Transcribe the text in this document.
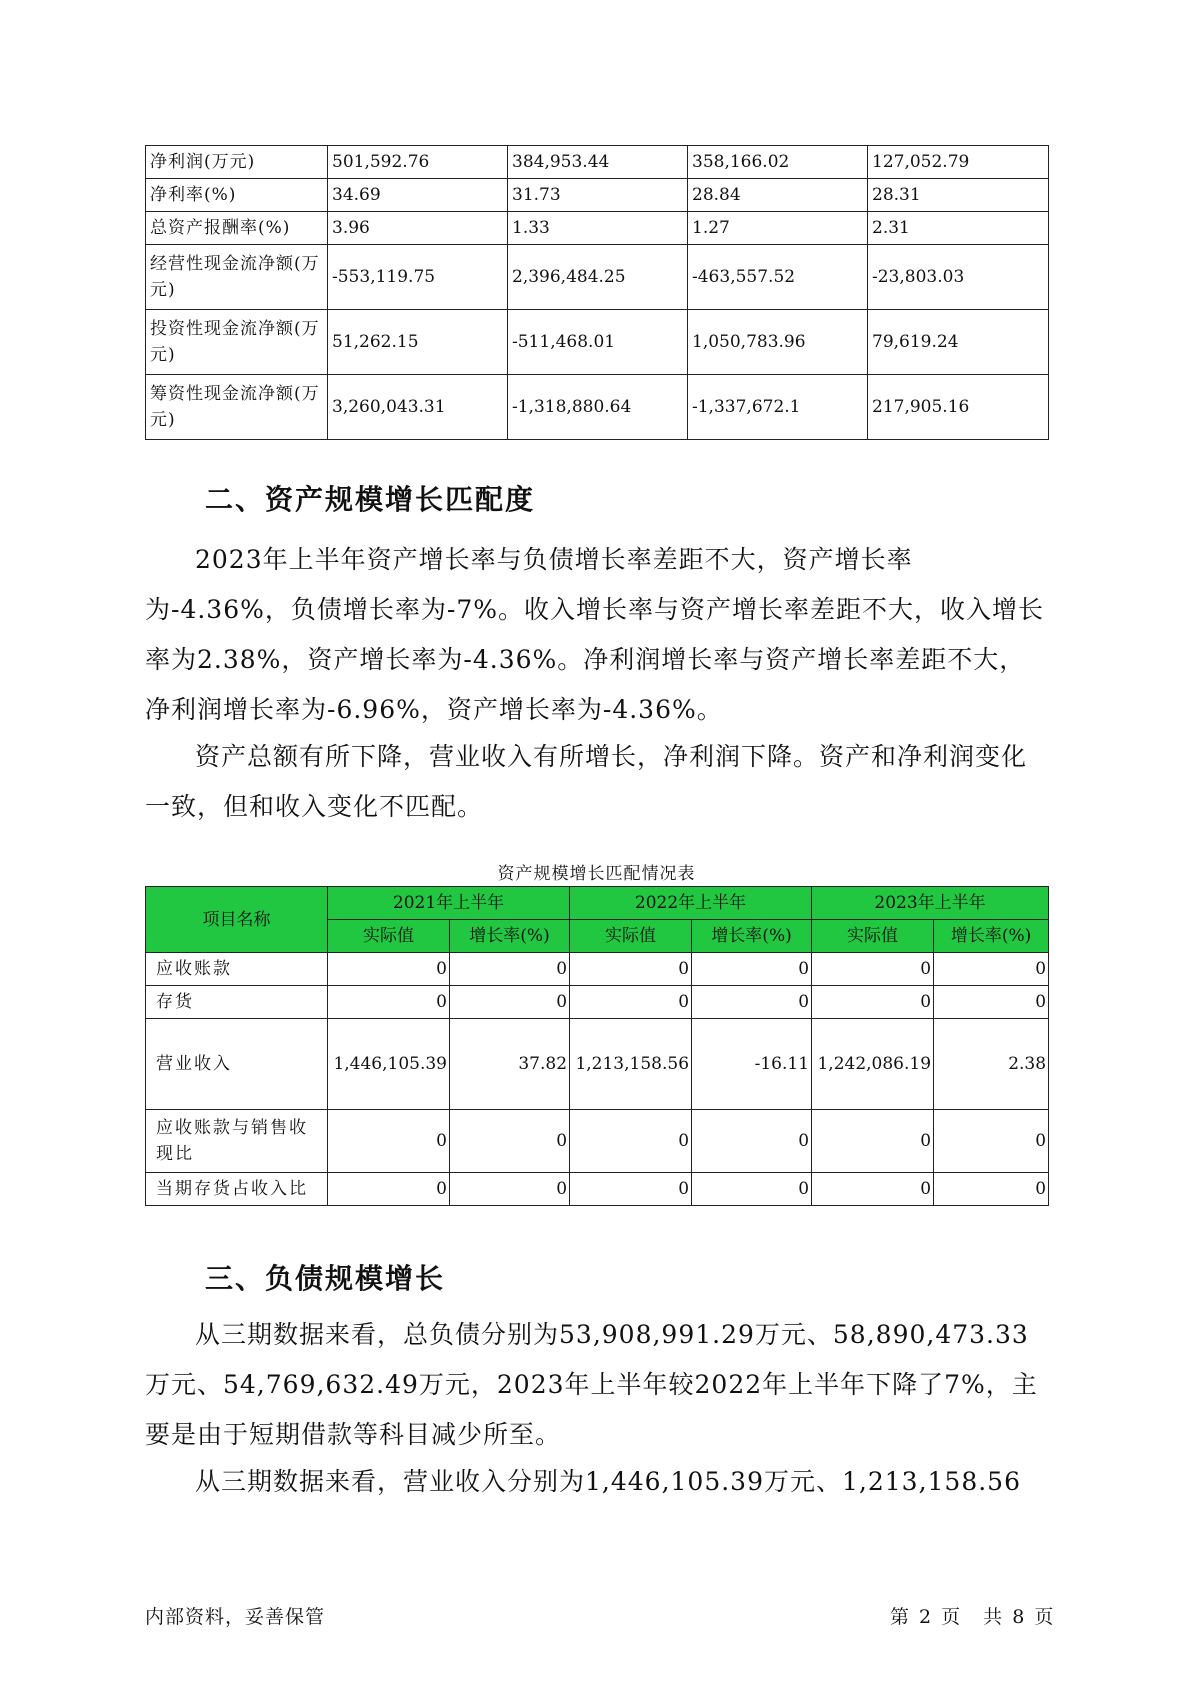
净利润(万元)	501,592.76	384,953.44	358,166.02	127,052.79
净利率(%)	34.69	31.73	28.84	28.31
总资产报酬率(%)	3.96	1.33	1.27	2.31
经营性现金流净额(万元)	-553,119.75	2,396,484.25	-463,557.52	-23,803.03
投资性现金流净额(万元)	51,262.15	-511,468.01	1,050,783.96	79,619.24
筹资性现金流净额(万元)	3,260,043.31	-1,318,880.64	-1,337,672.1	217,905.16
二、资产规模增长匹配度
2023年上半年资产增长率与负债增长率差距不大，资产增长率为-4.36%，负债增长率为-7%。收入增长率与资产增长率差距不大，收入增长率为2.38%，资产增长率为-4.36%。净利润增长率与资产增长率差距不大，净利润增长率为-6.96%，资产增长率为-4.36%。
资产总额有所下降，营业收入有所增长，净利润下降。资产和净利润变化一致，但和收入变化不匹配。
资产规模增长匹配情况表
项目名称	2021年上半年		2022年上半年		2023年上半年	
	实际值	增长率(%)	实际值	增长率(%)	实际值	增长率(%)
应收账款	0	0	0	0	0	0
存货	0	0	0	0	0	0
营业收入	1,446,105.39	37.82	1,213,158.56	-16.11	1,242,086.19	2.38
应收账款与销售收现比	0	0	0	0	0	0
当期存货占收入比	0	0	0	0	0	0
三、负债规模增长
从三期数据来看，总负债分别为53,908,991.29万元、58,890,473.33万元、54,769,632.49万元，2023年上半年较2022年上半年下降了7%，主要是由于短期借款等科目减少所至。
从三期数据来看，营业收入分别为1,446,105.39万元、1,213,158.56
内部资料，妥善保管	第 2 页　共 8 页
